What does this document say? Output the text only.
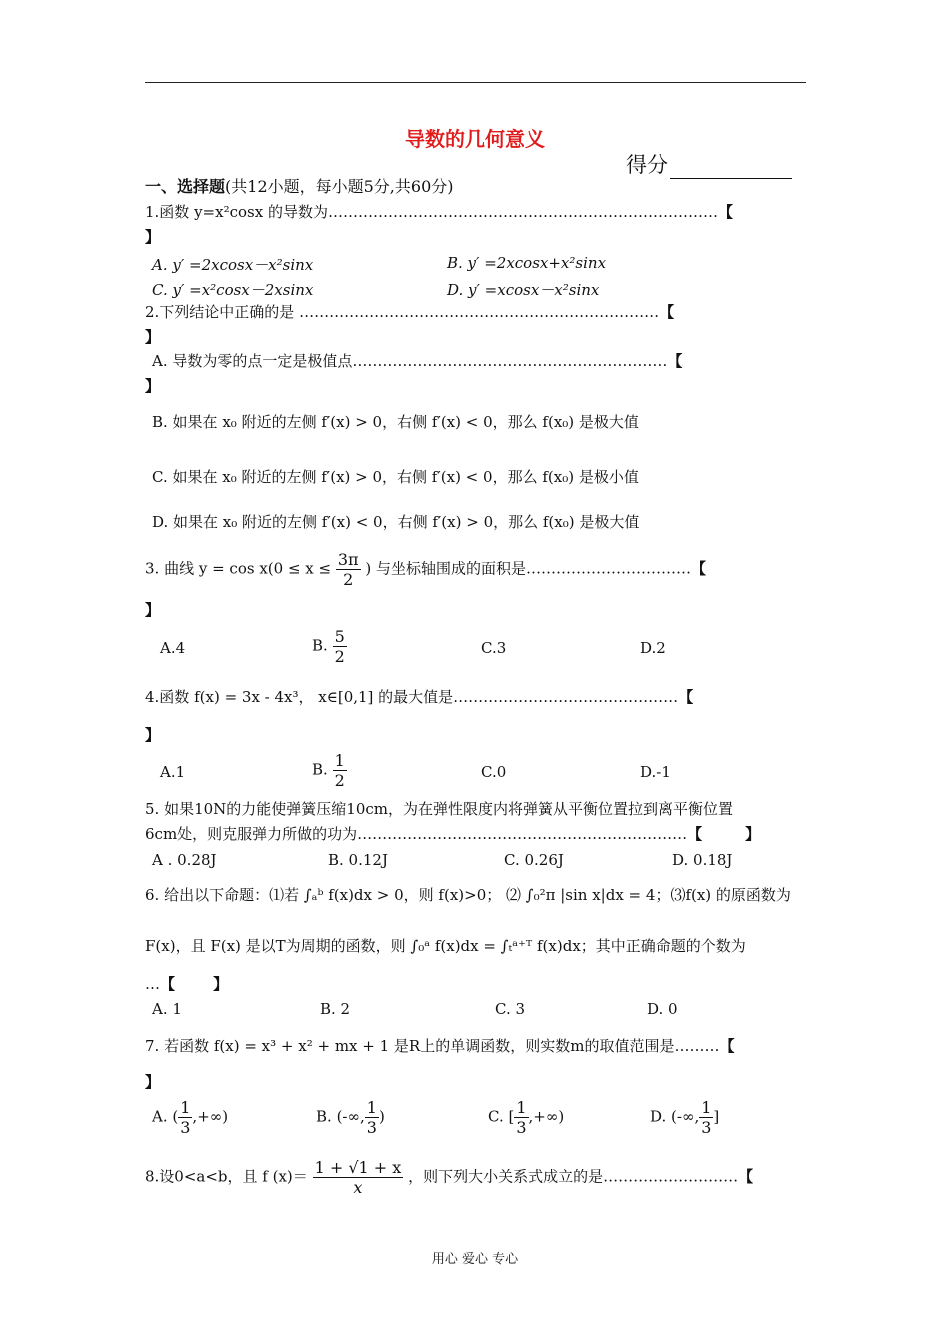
导数的几何意义
得分
一、选择题(共12小题，每小题5分,共60分)
1.函数 y=x²cosx 的导数为……………………………………………………………………【
】
A. y′ =2xcosx－x²sinx	B. y′ =2xcosx+x²sinx
C. y′ =x²cosx－2xsinx	D. y′ =xcosx－x²sinx
2.下列结论中正确的是 ………………………………………………………………【
】
A. 导数为零的点一定是极值点………………………………………………………【
】
B. 如果在 x₀ 附近的左侧 f′(x) > 0，右侧 f′(x) < 0，那么 f(x₀) 是极大值
C. 如果在 x₀ 附近的左侧 f′(x) > 0，右侧 f′(x) < 0，那么 f(x₀) 是极小值
D. 如果在 x₀ 附近的左侧 f′(x) < 0，右侧 f′(x) > 0，那么 f(x₀) 是极大值
3. 曲线 $y = \cos x(0 \le x \le \frac{3\pi}{2}$ ) 与坐标轴围成的面积是……………………………【
】
A.4	B. $\frac{5}{2}$	C.3	D.2
4.函数 f(x) = 3x - 4x³， x∈[0,1] 的最大值是………………………………………【
】
A.1	B. $\frac{1}{2}$	C.0	D.-1
5. 如果10N的力能使弹簧压缩10cm，为在弹性限度内将弹簧从平衡位置拉到离平衡位置
6cm处，则克服弹力所做的功为…………………………………………………………【	】
A . 0.28J	B. 0.12J	C. 0.26J	D. 0.18J
6. 给出以下命题：⑴若 ∫ₐᵇ f(x)dx > 0，则 f(x)>0； ⑵ ∫₀²π |sin x|dx = 4；⑶f(x) 的原函数为
F(x)，且 F(x) 是以T为周期的函数，则 ∫₀ᵃ f(x)dx = ∫ₜᵃ⁺ᵀ f(x)dx；其中正确命题的个数为
…【	】
A. 1	B. 2	C. 3	D. 0
7. 若函数 f(x) = x³ + x² + mx + 1 是R上的单调函数，则实数m的取值范围是………【
】
A. ( $\frac{1}{3}$ ,+∞)	B. (-∞, $\frac{1}{3}$ )	C. [ $\frac{1}{3}$ ,+∞)	D. (-∞, $\frac{1}{3}$ ]
8.设0<a<b，且 f $(x)= \frac{1 + √1 + x}{x}$ ，则下列大小关系式成立的是………………………【
用心 爱心 专心
